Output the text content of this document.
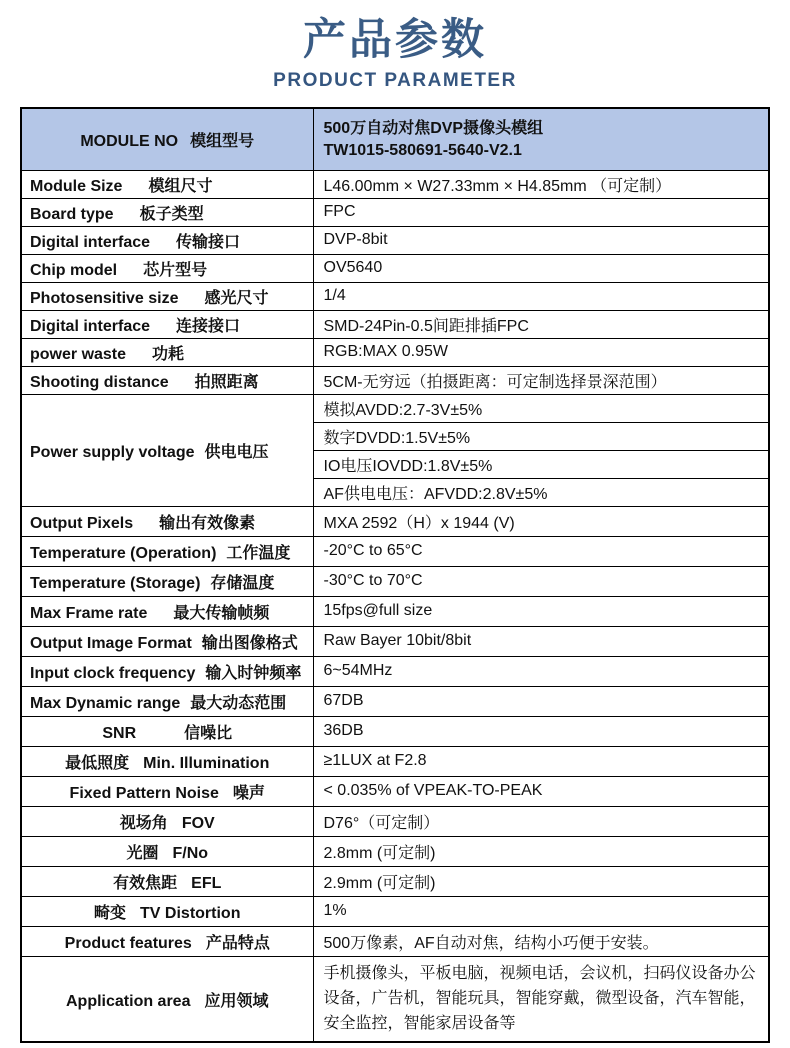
产品参数
PRODUCT PARAMETER
MODULE NO 模组型号	500万自动对焦DVP摄像头模组
TW1015-580691-5640-V2.1

Module Size 模组尺寸	L46.00mm × W27.33mm × H4.85mm （可定制）
Board type 板子类型	FPC
Digital interface 传输接口	DVP-8bit
Chip model 芯片型号	OV5640
Photosensitive size 感光尺寸	1/4
Digital interface 连接接口	SMD-24Pin-0.5间距排插FPC
power waste 功耗	RGB:MAX 0.95W
Shooting distance 拍照距离	5CM-无穷远（拍摄距离：可定制选择景深范围）
Power supply voltage 供电电压	模拟AVDD:2.7-3V±5%
	数字DVDD:1.5V±5%
	IO电压IOVDD:1.8V±5%
	AF供电电压：AFVDD:2.8V±5%
Output Pixels 输出有效像素	MXA 2592（H）x 1944 (V)
Temperature (Operation) 工作温度	-20°C to 65°C
Temperature (Storage) 存储温度	-30°C to 70°C
Max Frame rate 最大传输帧频	15fps@full size
Output Image Format 输出图像格式	Raw Bayer 10bit/8bit
Input clock frequency 输入时钟频率	6~54MHz
Max Dynamic range 最大动态范围	67DB
SNR 信噪比	36DB
最低照度 Min. Illumination	≥1LUX at F2.8
Fixed Pattern Noise 噪声	< 0.035% of VPEAK-TO-PEAK
视场角 FOV	D76°（可定制）
光圈 F/No	2.8mm (可定制)
有效焦距 EFL	2.9mm (可定制)
畸变 TV Distortion	1%
Product features 产品特点	500万像素，AF自动对焦，结构小巧便于安装。
Application area 应用领域	手机摄像头，平板电脑，视频电话，会议机，扫码仪设备办公设备，广告机，智能玩具，智能穿戴，微型设备，汽车智能，安全监控，智能家居设备等
